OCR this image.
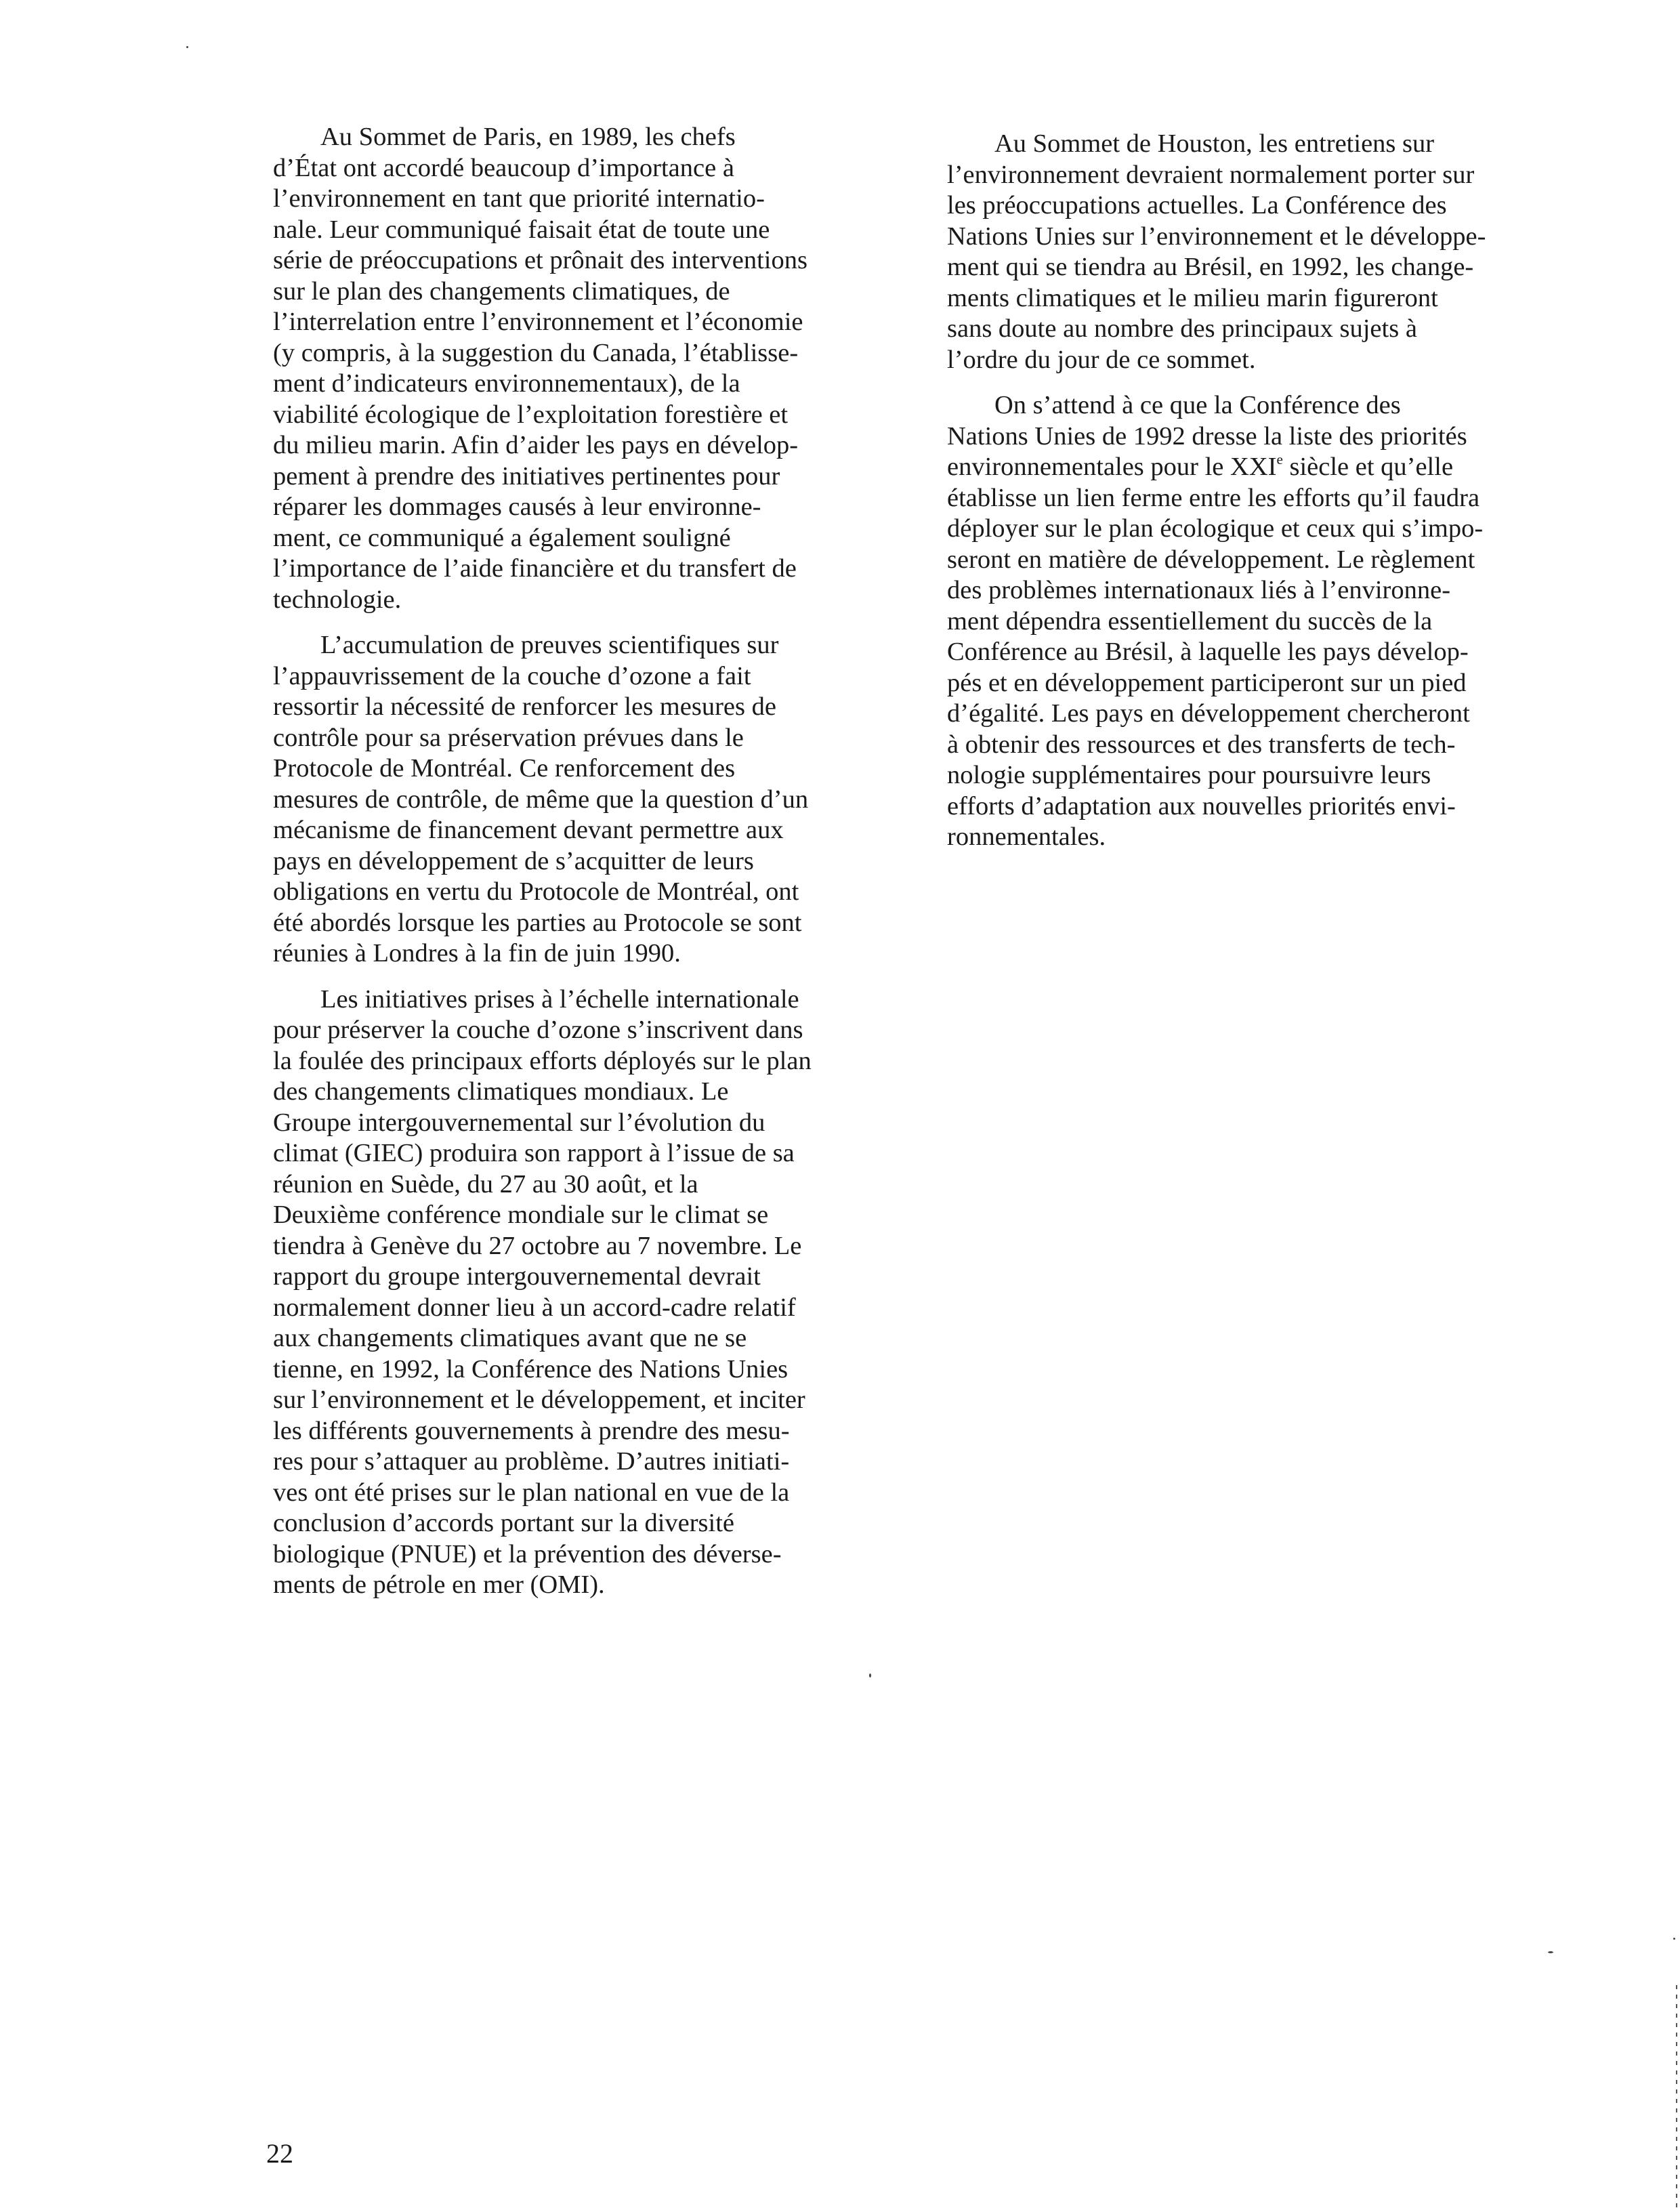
Au Sommet de Paris, en 1989, les chefs
d’État ont accordé beaucoup d’importance à
l’environnement en tant que priorité internatio-
nale. Leur communiqué faisait état de toute une
série de préoccupations et prônait des interventions
sur le plan des changements climatiques, de
l’interrelation entre l’environnement et l’économie
(y compris, à la suggestion du Canada, l’établisse-
ment d’indicateurs environnementaux), de la
viabilité écologique de l’exploitation forestière et
du milieu marin. Afin d’aider les pays en dévelop-
pement à prendre des initiatives pertinentes pour
réparer les dommages causés à leur environne-
ment, ce communiqué a également souligné
l’importance de l’aide financière et du transfert de
technologie.

L’accumulation de preuves scientifiques sur
l’appauvrissement de la couche d’ozone a fait
ressortir la nécessité de renforcer les mesures de
contrôle pour sa préservation prévues dans le
Protocole de Montréal. Ce renforcement des
mesures de contrôle, de même que la question d’un
mécanisme de financement devant permettre aux
pays en développement de s’acquitter de leurs
obligations en vertu du Protocole de Montréal, ont
été abordés lorsque les parties au Protocole se sont
réunies à Londres à la fin de juin 1990.

Les initiatives prises à l’échelle internationale
pour préserver la couche d’ozone s’inscrivent dans
la foulée des principaux efforts déployés sur le plan
des changements climatiques mondiaux. Le
Groupe intergouvernemental sur l’évolution du
climat (GIEC) produira son rapport à l’issue de sa
réunion en Suède, du 27 au 30 août, et la
Deuxième conférence mondiale sur le climat se
tiendra à Genève du 27 octobre au 7 novembre. Le
rapport du groupe intergouvernemental devrait
normalement donner lieu à un accord-cadre relatif
aux changements climatiques avant que ne se
tienne, en 1992, la Conférence des Nations Unies
sur l’environnement et le développement, et inciter
les différents gouvernements à prendre des mesu-
res pour s’attaquer au problème. D’autres initiati-
ves ont été prises sur le plan national en vue de la
conclusion d’accords portant sur la diversité
biologique (PNUE) et la prévention des déverse-
ments de pétrole en mer (OMI).

Au Sommet de Houston, les entretiens sur
l’environnement devraient normalement porter sur
les préoccupations actuelles. La Conférence des
Nations Unies sur l’environnement et le développe-
ment qui se tiendra au Brésil, en 1992, les change-
ments climatiques et le milieu marin figureront
sans doute au nombre des principaux sujets à
l’ordre du jour de ce sommet.

On s’attend à ce que la Conférence des
Nations Unies de 1992 dresse la liste des priorités
environnementales pour le XXIe siècle et qu’elle
établisse un lien ferme entre les efforts qu’il faudra
déployer sur le plan écologique et ceux qui s’impo-
seront en matière de développement. Le règlement
des problèmes internationaux liés à l’environne-
ment dépendra essentiellement du succès de la
Conférence au Brésil, à laquelle les pays dévelop-
pés et en développement participeront sur un pied
d’égalité. Les pays en développement chercheront
à obtenir des ressources et des transferts de tech-
nologie supplémentaires pour poursuivre leurs
efforts d’adaptation aux nouvelles priorités envi-
ronnementales.

22
